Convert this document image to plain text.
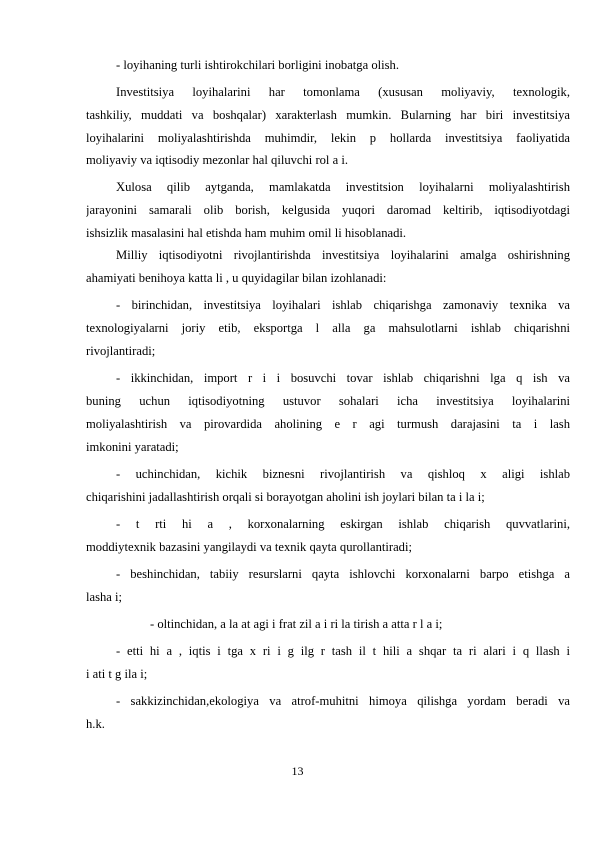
- loyihaning turli ishtirokchilari borligini inobatga olish.
Investitsiya loyihalarini har tomonlama (xususan moliyaviy, texnologik,
tashkiliy, muddati va boshqalar) xarakterlash mumkin. Bularning har biri investitsiya
loyihalarini moliyalashtirishda muhimdir, lekin p hollarda investitsiya faoliyatida
moliyaviy va iqtisodiy mezonlar hal qiluvchi rol a i.
Xulosa qilib aytganda, mamlakatda investitsion loyihalarni moliyalashtirish
jarayonini samarali olib borish, kelgusida yuqori daromad keltirib, iqtisodiyotdagi
ishsizlik masalasini hal etishda ham muhim omil li hisoblanadi.
Milliy iqtisodiyotni rivojlantirishda investitsiya loyihalarini amalga oshirishning
ahamiyati benihoya katta li , u quyidagilar bilan izohlanadi:
- birinchidan, investitsiya loyihalari ishlab chiqarishga zamonaviy texnika va
texnologiyalarni joriy etib, eksportga l alla ga mahsulotlarni ishlab chiqarishni
rivojlantiradi;
- ikkinchidan, import r i i bosuvchi tovar ishlab chiqarishni lga q ish va
buning uchun iqtisodiyotning ustuvor sohalari icha investitsiya loyihalarini
moliyalashtirish va pirovardida aholining e r agi turmush darajasini ta i lash
imkonini yaratadi;
- uchinchidan, kichik biznesni rivojlantirish va qishloq x aligi ishlab
chiqarishini jadallashtirish orqali si borayotgan aholini ish joylari bilan ta i la i;
- t rti hi a , korxonalarning eskirgan ishlab chiqarish quvvatlarini,
moddiytexnik bazasini yangilaydi va texnik qayta qurollantiradi;
- beshinchidan, tabiiy resurslarni qayta ishlovchi korxonalarni barpo etishga a
lasha i;
- oltinchidan, a la at agi i frat zil a i ri la tirish a atta r l a i;
- etti hi a , iqtis i tga x ri i g ilg r tash il t hili a shqar ta ri alari i q llash i
i ati t g ila i;
- sakkizinchidan,ekologiya va atrof-muhitni himoya qilishga yordam beradi va
h.k.
13
